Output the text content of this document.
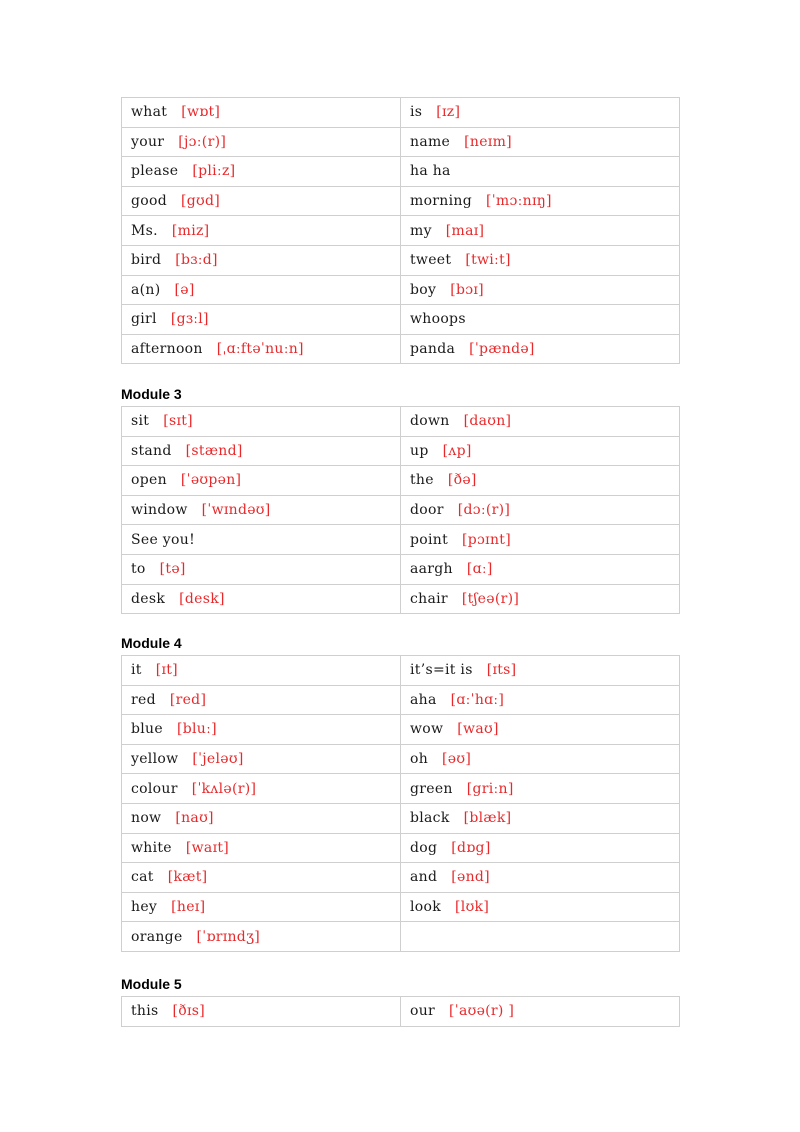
what [wɒt]	is [ɪz]
your [jɔː(r)]	name [neɪm]
please [pliːz]	ha ha
good [gʊd]	morning [ˈmɔːnɪŋ]
Ms. [miz]	my [maɪ]
bird [bɜːd]	tweet [twiːt]
a(n) [ə]	boy [bɔɪ]
girl [gɜːl]	whoops
afternoon [ˌɑːftəˈnuːn]	panda [ˈpændə]
Module 3
sit [sɪt]	down [daʊn]
stand [stænd]	up [ʌp]
open [ˈəʊpən]	the [ðə]
window [ˈwɪndəʊ]	door [dɔː(r)]
See you!	point [pɔɪnt]
to [tə]	aargh [ɑː]
desk [desk]	chair [tʃeə(r)]
Module 4
it [ɪt]	it’s=it is [ɪts]
red [red]	aha [ɑːˈhɑː]
blue [bluː]	wow [waʊ]
yellow [ˈjeləʊ]	oh [əʊ]
colour [ˈkʌlə(r)]	green [griːn]
now [naʊ]	black [blæk]
white [waɪt]	dog [dɒg]
cat [kæt]	and [ənd]
hey [heɪ]	look [lʊk]
orange [ˈɒrɪndʒ]	
Module 5
this [ðɪs]	our [ˈaʊə(r) ]
